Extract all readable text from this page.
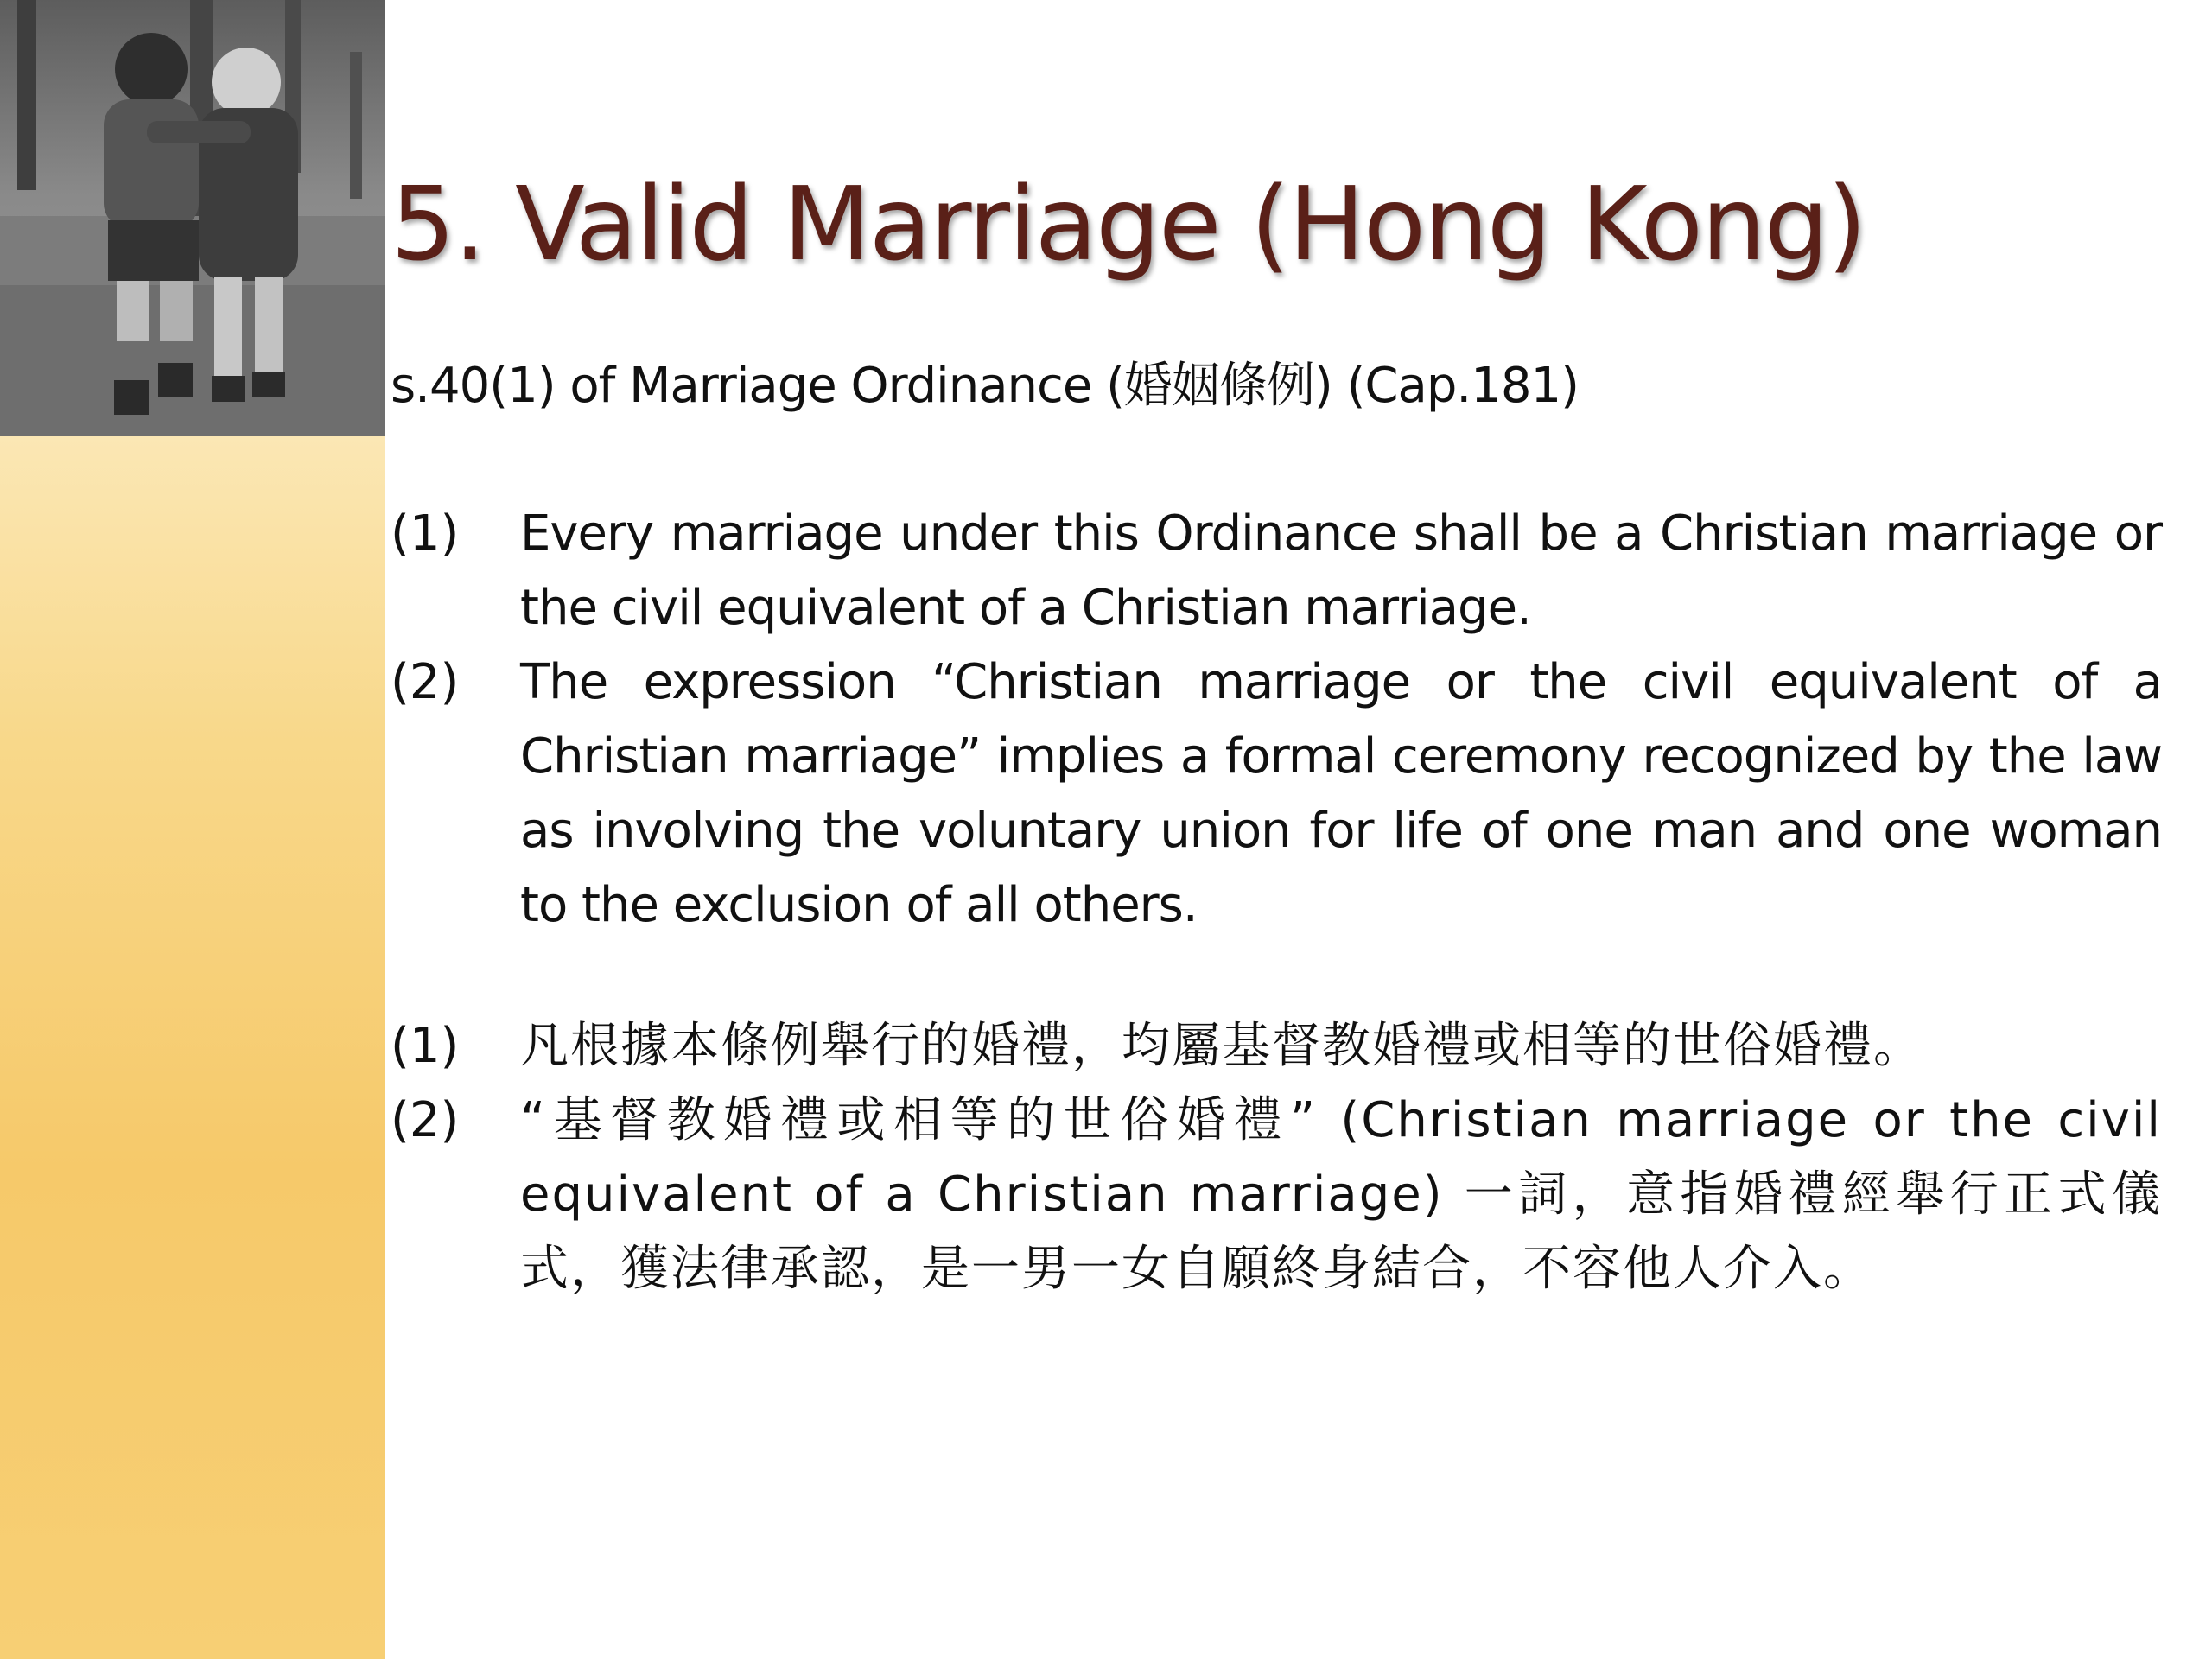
5. Valid Marriage (Hong Kong)

s.40(1) of Marriage Ordinance (婚姻條例) (Cap.181)

(1)	Every marriage under this Ordinance shall be a Christian marriage or the civil equivalent of a Christian marriage.
(2)	The expression “Christian marriage or the civil equivalent of a Christian marriage” implies a formal ceremony recognized by the law as involving the voluntary union for life of one man and one woman to the exclusion of all others.
(1)	凡根據本條例舉行的婚禮，均屬基督教婚禮或相等的世俗婚禮。
(2)	“基督教婚禮或相等的世俗婚禮” (Christian marriage or the civil equivalent of a Christian marriage) 一詞，意指婚禮經舉行正式儀式，獲法律承認，是一男一女自願終身結合，不容他人介入。
